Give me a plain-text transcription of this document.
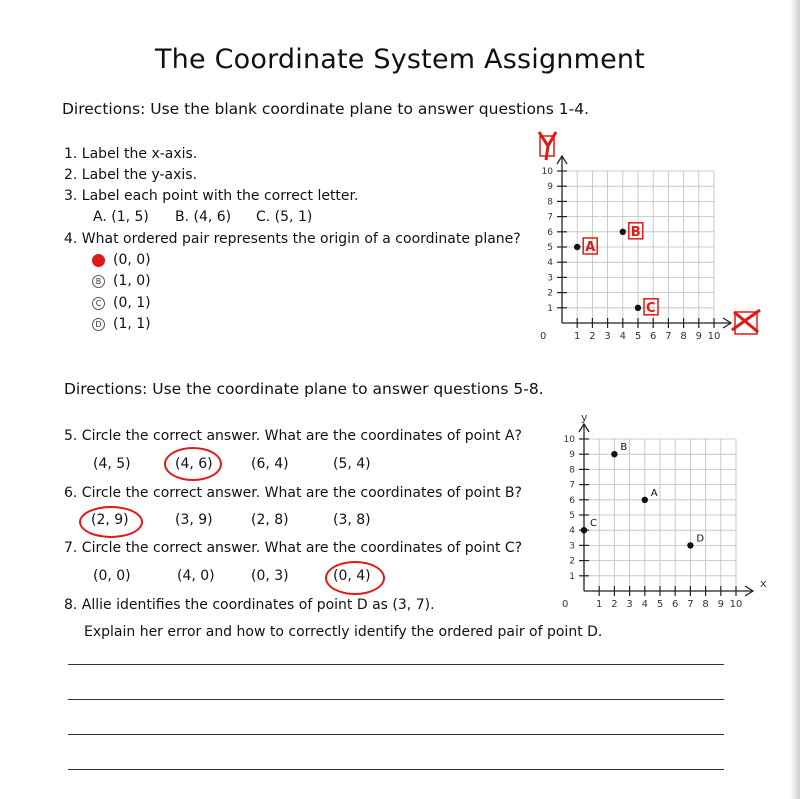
The Coordinate System Assignment
Directions: Use the blank coordinate plane to answer questions 1-4.
1. Label the x-axis.
2. Label the y-axis.
3. Label each point with the correct letter.
A. (1, 5) B. (4, 6) C. (5, 1)
4. What ordered pair represents the origin of a coordinate plane?
A (0, 0)
B (1, 0)
C (0, 1)
D (1, 1)
1 2 3 4 5 6 7 8 9 10
1
2
3
4
5
6
7
8
9
10
0
A
B
C
Directions: Use the coordinate plane to answer questions 5-8.
5. Circle the correct answer. What are the coordinates of point A?
(4, 5)	(4, 6)	(6, 4)	(5, 4)
6. Circle the correct answer. What are the coordinates of point B?
(2, 9)	(3, 9)	(2, 8)	(3, 8)
7. Circle the correct answer. What are the coordinates of point C?
(0, 0)	(4, 0)	(0, 3)	(0, 4)
8. Allie identifies the coordinates of point D as (3, 7).
Explain her error and how to correctly identify the ordered pair of point D.
1 2 3 4 5 6 7 8 9 10
1
2
3
4
5
6
7
8
9
10
0
x
y
A
B
C
D
